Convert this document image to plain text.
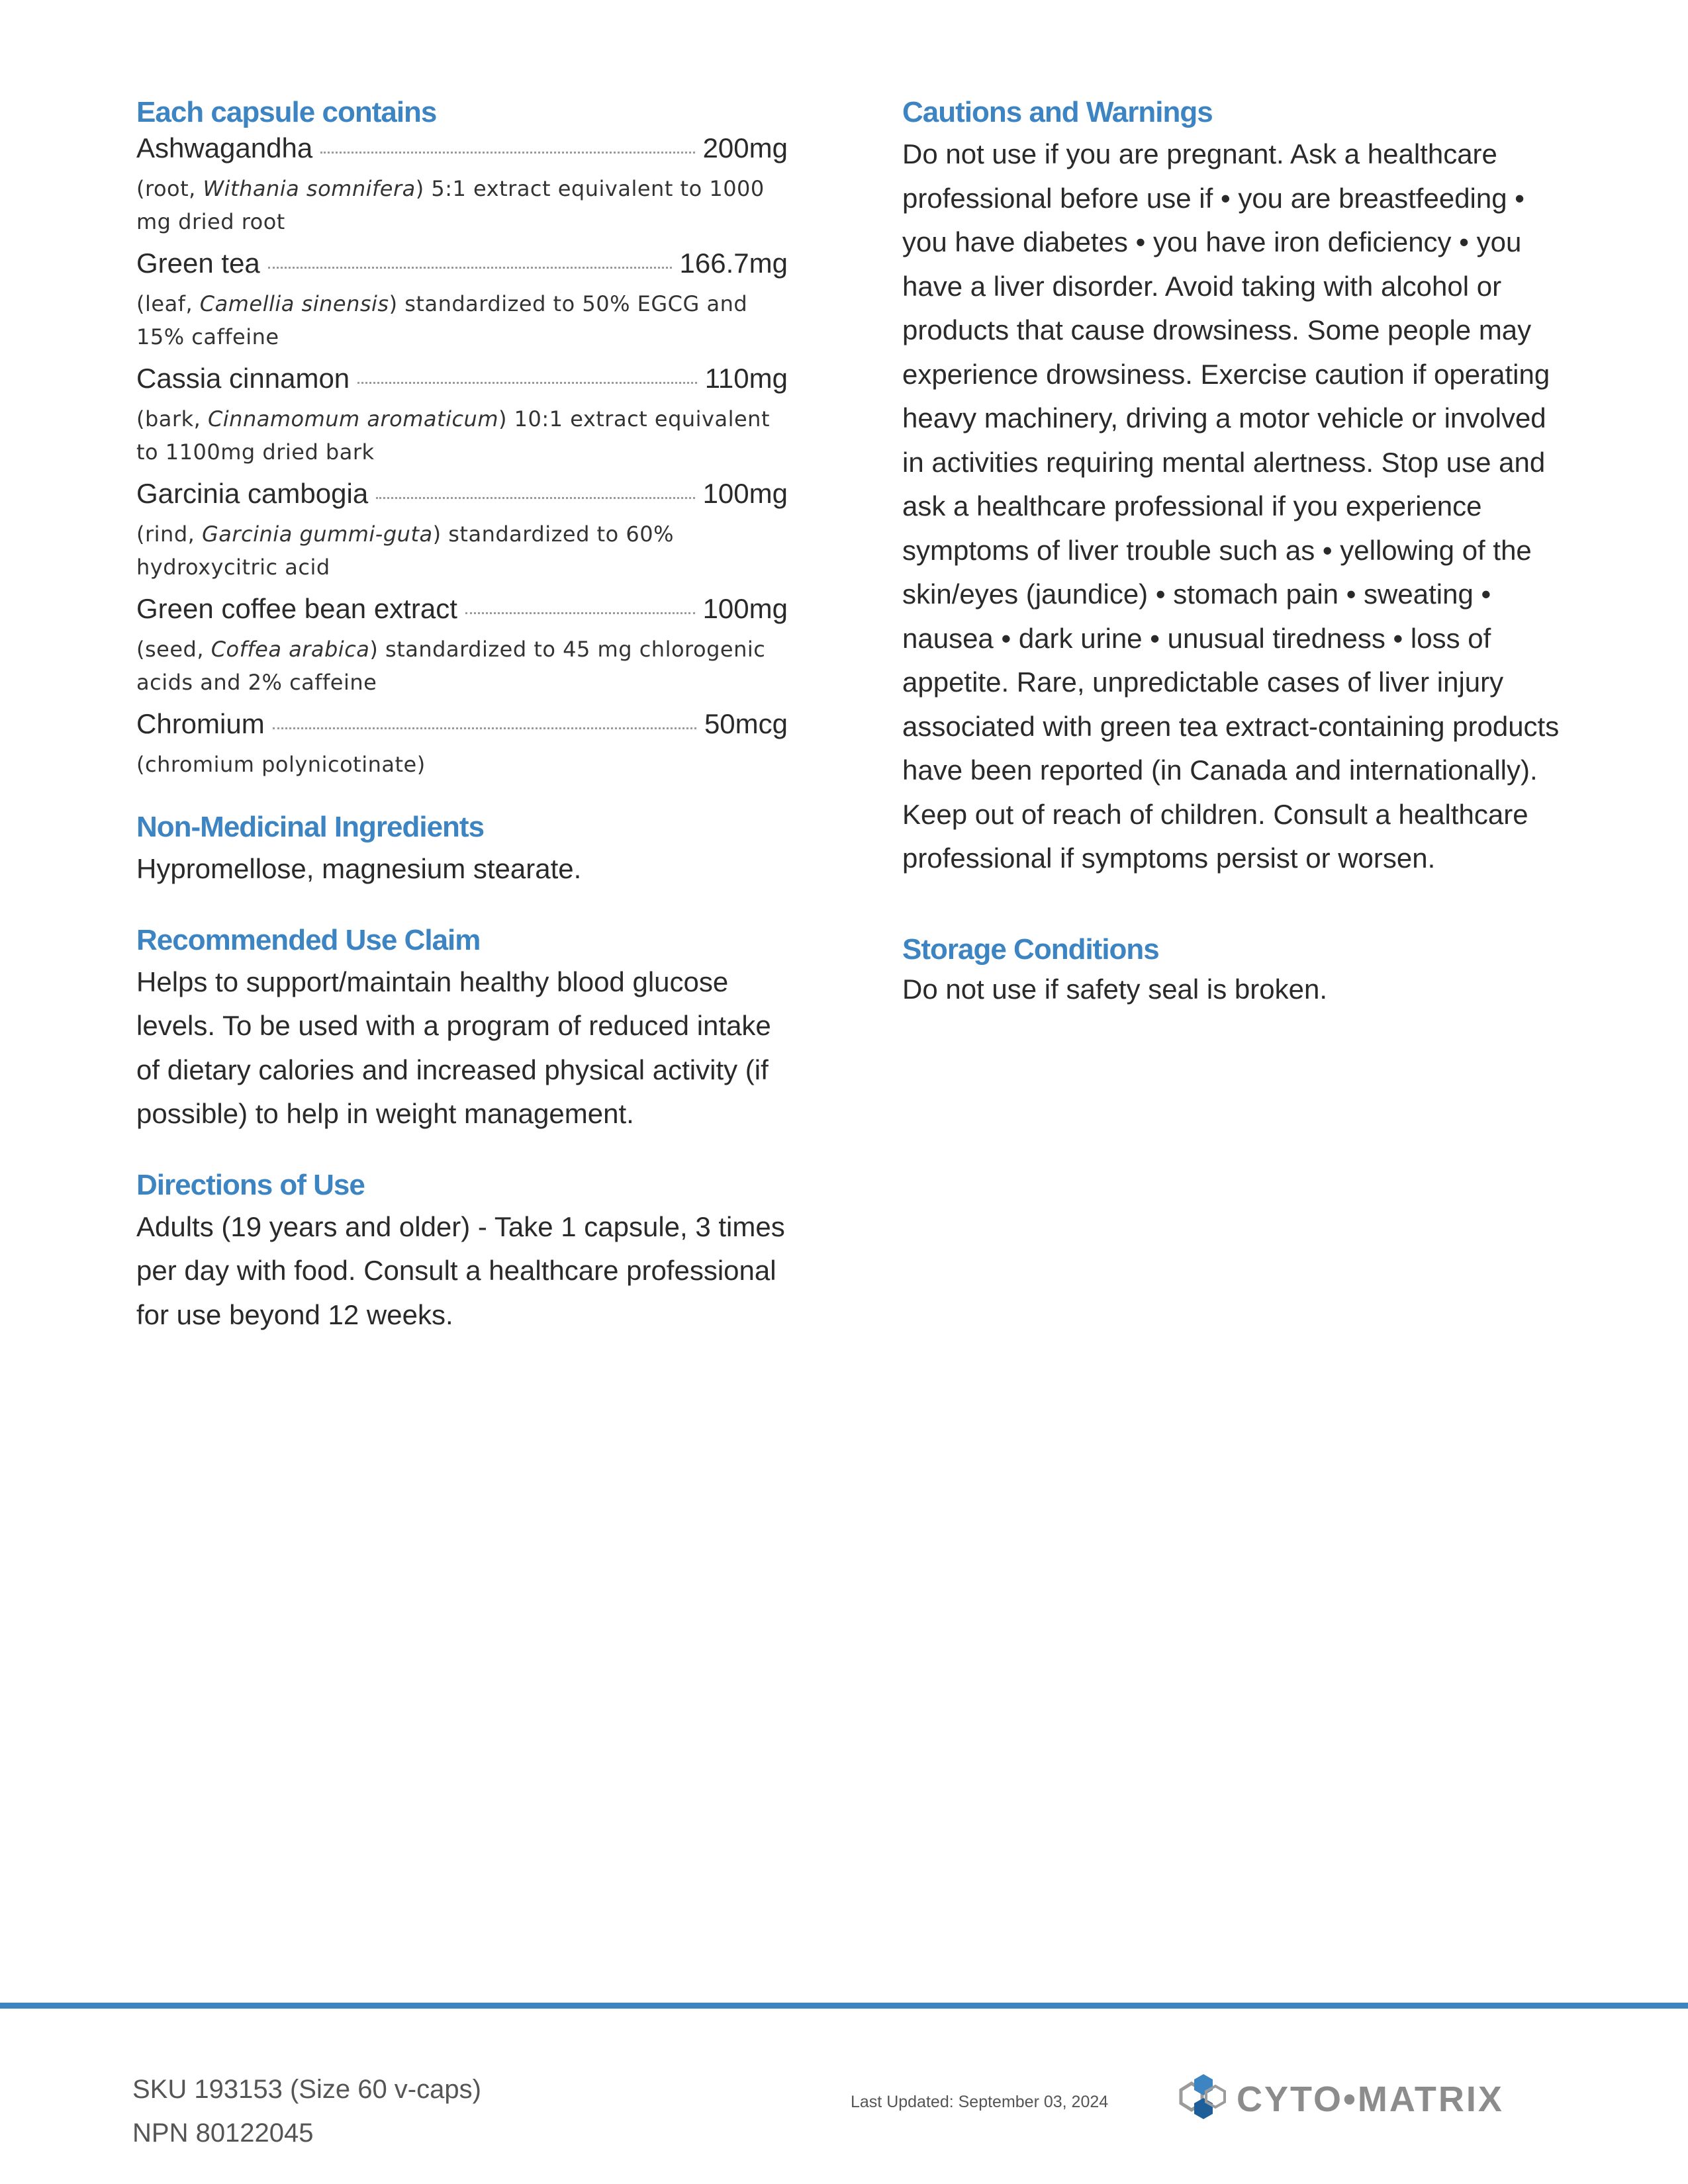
Each capsule contains
Ashwagandha	200mg
(root, Withania somnifera) 5:1 extract equivalent to 1000 mg dried root
Green tea	166.7mg
(leaf, Camellia sinensis) standardized to 50% EGCG and 15% caffeine
Cassia cinnamon	110mg
(bark, Cinnamomum aromaticum) 10:1 extract equivalent to 1100mg dried bark
Garcinia cambogia	100mg
(rind, Garcinia gummi-guta) standardized to 60% hydroxycitric acid
Green coffee bean extract	100mg
(seed, Coffea arabica) standardized to 45 mg chlorogenic acids and 2% caffeine
Chromium	50mcg
(chromium polynicotinate)
Non-Medicinal Ingredients

Hypromellose, magnesium stearate.

Recommended Use Claim

Helps to support/maintain healthy blood glucose levels. To be used with a program of reduced intake of dietary calories and increased physical activity (if possible) to help in weight management.

Directions of Use

Adults (19 years and older) - Take 1 capsule, 3 times per day with food. Consult a healthcare professional for use beyond 12 weeks.

Cautions and Warnings

Do not use if you are pregnant. Ask a healthcare professional before use if • you are breastfeeding • you have diabetes • you have iron deficiency • you have a liver disorder. Avoid taking with alcohol or products that cause drowsiness. Some people may experience drowsiness. Exercise caution if operating heavy machinery, driving a motor vehicle or involved in activities requiring mental alertness. Stop use and ask a healthcare professional if you experience symptoms of liver trouble such as • yellowing of the skin/eyes (jaundice) • stomach pain • sweating • nausea • dark urine • unusual tiredness • loss of appetite. Rare, unpredictable cases of liver injury associated with green tea extract-containing products have been reported (in Canada and internationally). Keep out of reach of children. Consult a healthcare professional if symptoms persist or worsen.

Storage Conditions

Do not use if safety seal is broken.

SKU 193153 (Size 60 v-caps)
NPN 80122045
Last Updated: September 03, 2024	CYTO•MATRIX
